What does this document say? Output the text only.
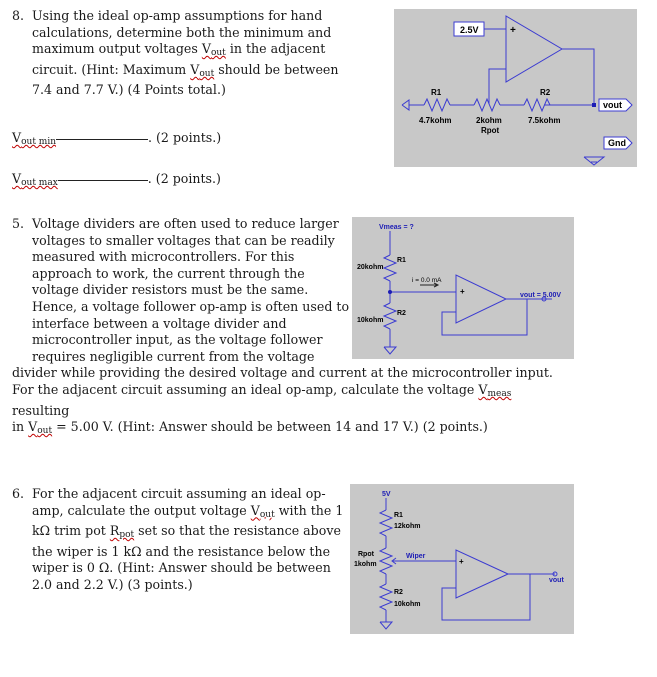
8. Using the ideal op-amp assumptions for hand
calculations, determine both the minimum and
maximum output voltages $V_{out}$ in the adjacent
circuit. (Hint: Maximum $V_{out}$ should be between
7.4 and 7.7 V.) (4 Points total.)
$V_{out min}$	. (2 points.)
$V_{out max}$	. (2 points.)
2.5V	+
R1
4.7kohm	2kohm
Rpot
R2
7.5kohm
vout
Gnd
5. Voltage dividers are often used to reduce larger
voltages to smaller voltages that can be readily
measured with microcontrollers. For this
approach to work, the current through the
voltage divider resistors must be the same.
Hence, a voltage follower op-amp is often used to
interface between a voltage divider and
microcontroller input, as the voltage follower
requires negligible current from the voltage
divider while providing the desired voltage and current at the microcontroller input.
For the adjacent circuit assuming an ideal op-amp, calculate the voltage $V_{meas}$ resulting
in $V_{out} = 5.00$ V. (Hint: Answer should be between 14 and 17 V.) (2 points.)
Vmeas = ?
R1
20kohm
i = 0.0 mA
+	vout = 5.00V
R2
10kohm
6. For the adjacent circuit assuming an ideal op-
amp, calculate the output voltage $V_{out}$ with the 1
kΩ trim pot $R_{pot}$ set so that the resistance above
the wiper is 1 kΩ and the resistance below the
wiper is 0 Ω. (Hint: Answer should be between
2.0 and 2.2 V.) (3 points.)
5V
R1
12kohm
Rpot
1kohm
Wiper
+
R2
10kohm
vout
